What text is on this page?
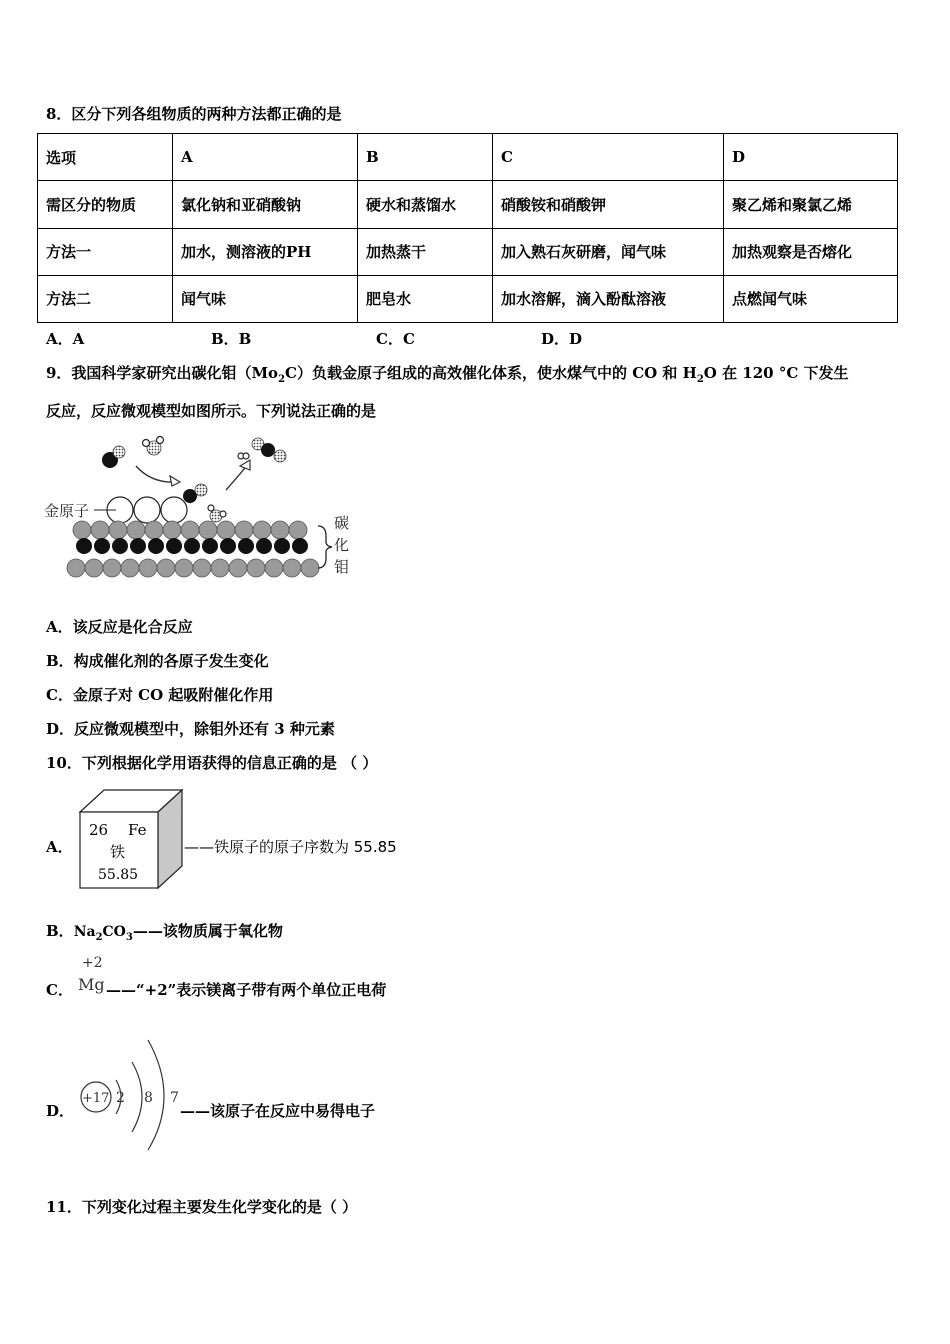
8．区分下列各组物质的两种方法都正确的是
选项	A	B	C	D
需区分的物质	氯化钠和亚硝酸钠	硬水和蒸馏水	硝酸铵和硝酸钾	聚乙烯和聚氯乙烯
方法一	加水，测溶液的PH	加热蒸干	加入熟石灰研磨，闻气味	加热观察是否熔化
方法二	闻气味	肥皂水	加水溶解，滴入酚酞溶液	点燃闻气味
A．A	B．B	C．C	D．D
9．我国科学家研究出碳化钼$(Mo_2C)$负载金原子组成的高效催化体系，使水煤气中的 CO 和 $H_2O$ 在 120 °C 下发生
反应，反应微观模型如图所示。下列说法正确的是
金原子
碳
化
钼
A．该反应是化合反应
B．构成催化剂的各原子发生变化
C．金原子对 CO 起吸附催化作用
D．反应微观模型中，除钼外还有 3 种元素
10．下列根据化学用语获得的信息正确的是 （ ）
A．
26 Fe
铁
55.85
——铁原子的原子序数为 55.85
B．$Na_2CO_3——$该物质属于氧化物
C．
+2
Mg ——“+2”表示镁离子带有两个单位正电荷
D．
+17 2 8 7
——该原子在反应中易得电子
11．下列变化过程主要发生化学变化的是（ ）
